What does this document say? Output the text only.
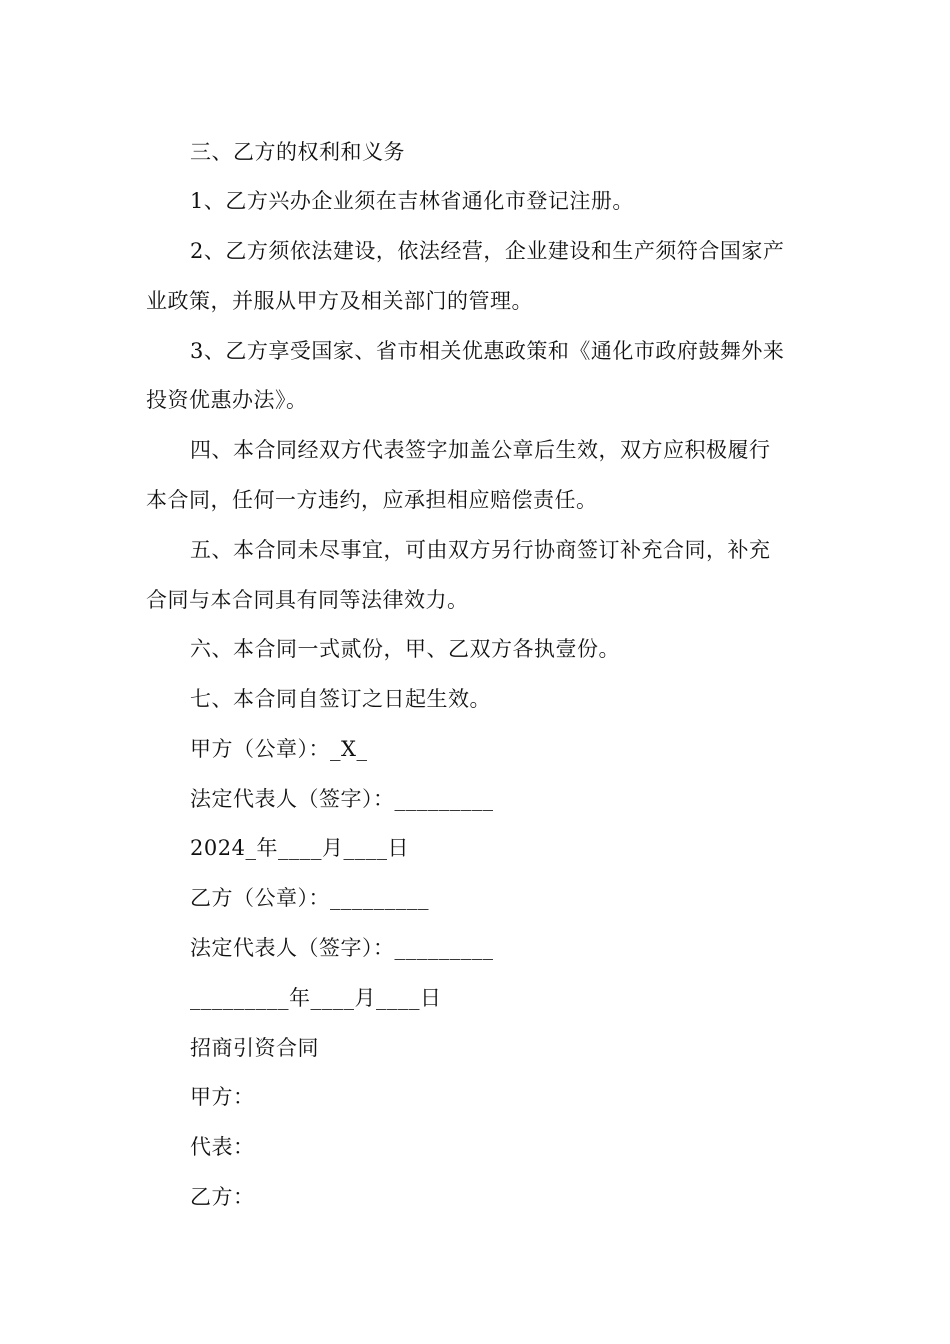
三、乙方的权利和义务
1、乙方兴办企业须在吉林省通化市登记注册。
2、乙方须依法建设，依法经营，企业建设和生产须符合国家产
业政策，并服从甲方及相关部门的管理。
3、乙方享受国家、省市相关优惠政策和《通化市政府鼓舞外来
投资优惠办法》。
四、本合同经双方代表签字加盖公章后生效，双方应积极履行
本合同，任何一方违约，应承担相应赔偿责任。
五、本合同未尽事宜，可由双方另行协商签订补充合同，补充
合同与本合同具有同等法律效力。
六、本合同一式贰份，甲、乙双方各执壹份。
七、本合同自签订之日起生效。
甲方（公章）：_X_
法定代表人（签字）：_________
2024_年____月____日
乙方（公章）：_________
法定代表人（签字）：_________
_________年____月____日
招商引资合同
甲方：
代表：
乙方：
